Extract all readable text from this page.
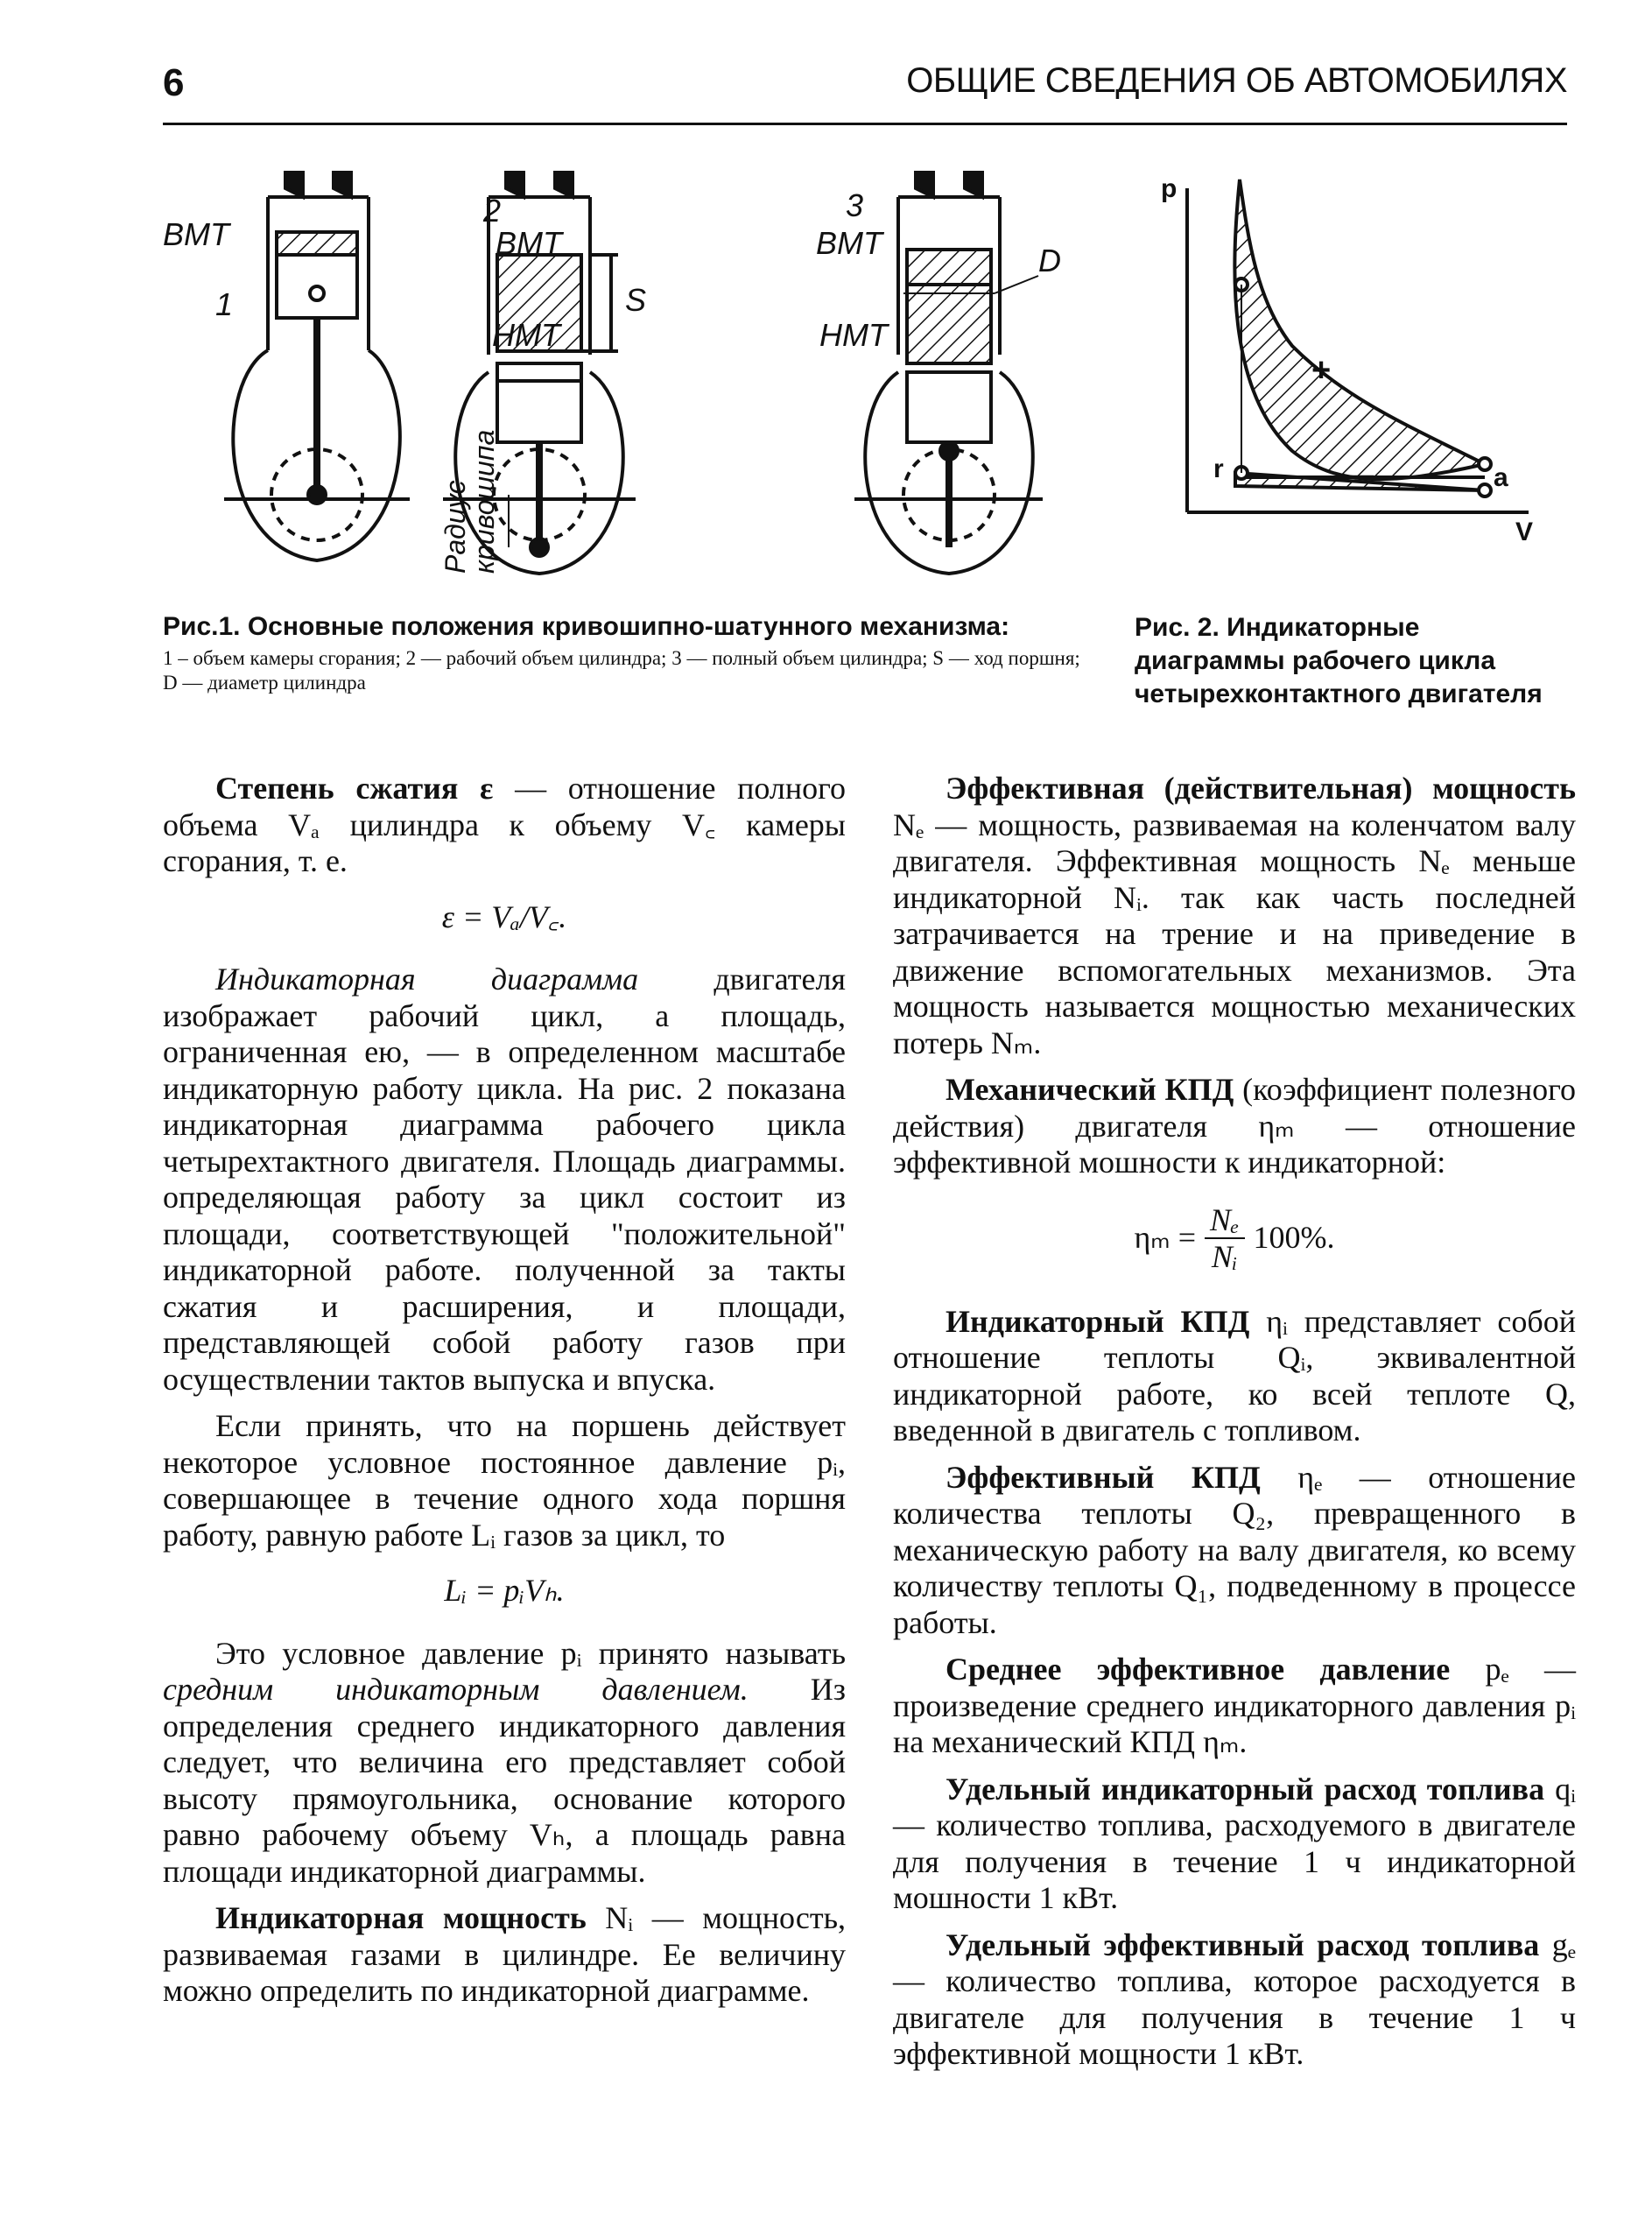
6	ОБЩИЕ СВЕДЕНИЯ ОБ АВТОМОБИЛЯХ
ВМТ
1
2
ВМТ
НМТ
S
3
ВМТ
НМТ
D
Радиус
кривошипа
p
V
r	a
+
—
Рис.1. Основные положения кривошипно-шатунного механизма:
1 – объем камеры сгорания; 2 — рабочий объем цилиндра; 3 — полный объем цилиндра; S — ход поршня; D — диаметр цилиндра
Рис. 2. Индикаторные диаграммы рабочего цикла четырехконтактного двигателя

Степень сжатия ε — отношение полного объема Vₐ цилиндра к объему V꜀ камеры сгорания, т. е.

ε = Vₐ/V꜀.

Индикаторная диаграмма двигателя изображает рабочий цикл, а площадь, ограниченная ею, — в определенном масштабе индикаторную работу цикла. На рис. 2 показана индикаторная диаграмма рабочего цикла четырехтактного двигателя. Площадь диаграммы. определяющая работу за цикл состоит из площади, соответствующей "положительной" индикаторной работе. полученной за такты сжатия и расширения, и площади, представляющей собой работу газов при осуществлении тактов выпуска и впуска.

Если принять, что на поршень действует некоторое условное постоянное давление pᵢ, совершающее в течение одного хода поршня работу, равную работе Lᵢ газов за цикл, то

Lᵢ = pᵢVₕ.

Это условное давление pᵢ принято называть средним индикаторным давлением. Из определения среднего индикаторного давления следует, что величина его представляет собой высоту прямоугольника, основание которого равно рабочему объему Vₕ, а площадь равна площади индикаторной диаграммы.

Индикаторная мощность Nᵢ — мощность, развиваемая газами в цилиндре. Ее величину можно определить по индикаторной диаграмме.

Эффективная (действительная) мощность Nₑ — мощность, развиваемая на коленчатом валу двигателя. Эффективная мощность Nₑ меньше индикаторной Nᵢ. так как часть последней затрачивается на трение и на приведение в движение вспомогательных механизмов. Эта мощность называется мощностью механических потерь Nₘ.

Механический КПД (коэффициент полезного действия) двигателя ηₘ — отношение эффективной мошности к индикаторной:

$\eta_m = \frac{\text{Nₑ}}{\text{Nᵢ}} 100\%$.

Индикаторный КПД ηᵢ представляет собой отношение теплоты Qᵢ, эквивалентной индикаторной работе, ко всей теплоте Q, введенной в двигатель с топливом.

Эффективный КПД ηₑ — отношение количества теплоты Q₂, превращенного в механическую работу на валу двигателя, ко всему количеству теплоты Q₁, подведенному в процессе работы.

Среднее эффективное давление pₑ — произведение среднего индикаторного давления pᵢ на механический КПД ηₘ.

Удельный индикаторный расход топлива qᵢ — количество топлива, расходуемого в двигателе для получения в течение 1 ч индикаторной мошности 1 кВт.

Удельный эффективный расход топлива gₑ — количество топлива, которое расходуется в двигателе для получения в течение 1 ч эффективной мощности 1 кВт.
